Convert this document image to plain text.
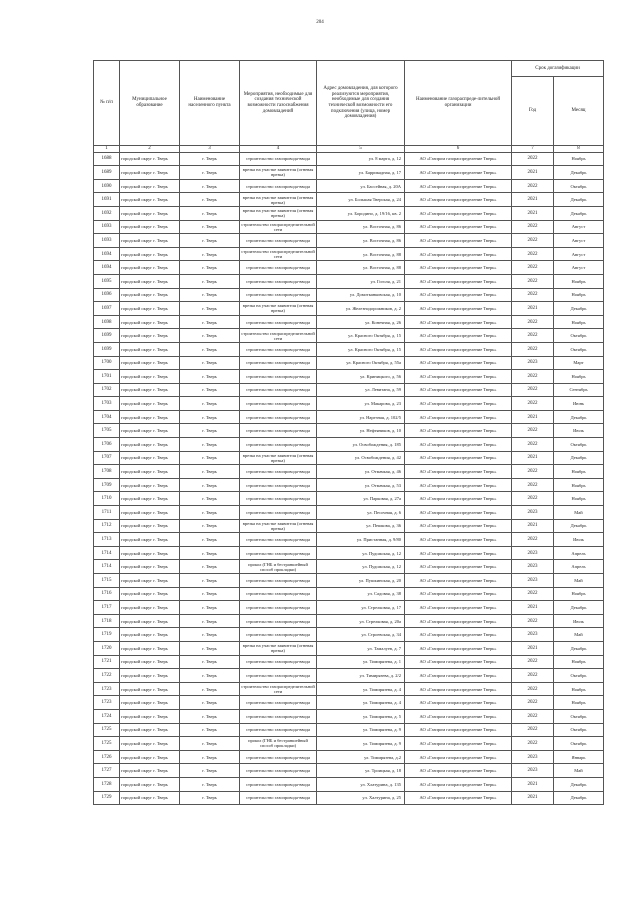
204
№ п/п	Муниципальное образование	Наименование населенного пункта	Мероприятия, необходимые для создания технической возможности газоснабжения домовладений	Адрес домовладения, для которого реализуются мероприятия, необходимые для создания технической возможности его подключения (улица, номер домовладения)	Наименование газораспреде-лительной организации	Срок догазификации	
						Год	Месяц
1	2	3	4	5	6	7	8
1688	городской округ г. Тверь	г. Тверь	строительство газопровода-ввода	ул. 8 марта, д. 12	АО «Газпром газораспределение Тверь»	2022	Ноябрь
1689	городской округ г. Тверь	г. Тверь	врезка на участке заявителя (огневая врезка)	ул. Баррикадная, д. 17	АО «Газпром газораспределение Тверь»	2021	Декабрь
1690	городской округ г. Тверь	г. Тверь	строительство газопровода-ввода	ул. Бассейная, д. 20А	АО «Газпром газораспределение Тверь»	2022	Октябрь
1691	городской округ г. Тверь	г. Тверь	врезка на участке заявителя (огневая врезка)	ул. Большая Тверская, д. 24	АО «Газпром газораспределение Тверь»	2021	Декабрь
1692	городской округ г. Тверь	г. Тверь	врезка на участке заявителя (огневая врезка)	ул. Бородино, д. 19/16, кв. 2	АО «Газпром газораспределение Тверь»	2021	Декабрь
1693	городской округ г. Тверь	г. Тверь	строительство газораспределительной сети	ул. Восточная, д. 86	АО «Газпром газораспределение Тверь»	2022	Август
1693	городской округ г. Тверь	г. Тверь	строительство газопровода-ввода	ул. Восточная, д. 86	АО «Газпром газораспределение Тверь»	2022	Август
1694	городской округ г. Тверь	г. Тверь	строительство газораспределительной сети	ул. Восточная, д. 88	АО «Газпром газораспределение Тверь»	2022	Август
1694	городской округ г. Тверь	г. Тверь	строительство газопровода-ввода	ул. Восточная, д. 88	АО «Газпром газораспределение Тверь»	2022	Август
1695	городской округ г. Тверь	г. Тверь	строительство газопровода-ввода	ул. Гоголя, д. 21	АО «Газпром газораспределение Тверь»	2022	Ноябрь
1696	городской округ г. Тверь	г. Тверь	строительство газопровода-ввода	ул. Домотканковская, д. 10	АО «Газпром газораспределение Тверь»	2022	Ноябрь
1697	городской округ г. Тверь	г. Тверь	врезка на участке заявителя (огневая врезка)	ул. Железнодорожников, д. 2	АО «Газпром газораспределение Тверь»	2021	Декабрь
1698	городской округ г. Тверь	г. Тверь	строительство газопровода-ввода	ул. Конечная, д. 26	АО «Газпром газораспределение Тверь»	2022	Ноябрь
1699	городской округ г. Тверь	г. Тверь	строительство газораспределительной сети	ул. Красного Октября, д. 15	АО «Газпром газораспределение Тверь»	2022	Октябрь
1699	городской округ г. Тверь	г. Тверь	строительство газопровода-ввода	ул. Красного Октября, д. 15	АО «Газпром газораспределение Тверь»	2022	Октябрь
1700	городской округ г. Тверь	г. Тверь	строительство газопровода-ввода	ул. Красного Октября, д. 55а	АО «Газпром газораспределение Тверь»	2023	Март
1701	городской округ г. Тверь	г. Тверь	строительство газопровода-ввода	ул. Криницкого, д. 56	АО «Газпром газораспределение Тверь»	2022	Ноябрь
1702	городской округ г. Тверь	г. Тверь	строительство газопровода-ввода	ул. Левитана, д. 59	АО «Газпром газораспределение Тверь»	2022	Сентябрь
1703	городской округ г. Тверь	г. Тверь	строительство газопровода-ввода	ул. Макарова, д. 23	АО «Газпром газораспределение Тверь»	2022	Июнь
1704	городской округ г. Тверь	г. Тверь	строительство газопровода-ввода	ул. Нарезная, д. 102/5	АО «Газпром газораспределение Тверь»	2021	Декабрь
1705	городской округ г. Тверь	г. Тверь	строительство газопровода-ввода	ул. Нефтяников, д. 10	АО «Газпром газораспределение Тверь»	2022	Июль
1706	городской округ г. Тверь	г. Тверь	строительство газопровода-ввода	ул. Освобождения, д. 185	АО «Газпром газораспределение Тверь»	2022	Октябрь
1707	городской округ г. Тверь	г. Тверь	врезка на участке заявителя (огневая врезка)	ул. Освобождения, д. 42	АО «Газпром газораспределение Тверь»	2021	Декабрь
1708	городской округ г. Тверь	г. Тверь	строительство газопровода-ввода	ул. Отмачкая, д. 46	АО «Газпром газораспределение Тверь»	2022	Ноябрь
1709	городской округ г. Тверь	г. Тверь	строительство газопровода-ввода	ул. Отмачкая, д. 53	АО «Газпром газораспределение Тверь»	2022	Ноябрь
1710	городской округ г. Тверь	г. Тверь	строительство газопровода-ввода	ул. Парковая, д. 27а	АО «Газпром газораспределение Тверь»	2022	Ноябрь
1711	городской округ г. Тверь	г. Тверь	строительство газопровода-ввода	ул. Песочная, д. 6	АО «Газпром газораспределение Тверь»	2023	Май
1712	городской округ г. Тверь	г. Тверь	врезка на участке заявителя (огневая врезка)	ул. Пешкова, д. 36	АО «Газпром газораспределение Тверь»	2021	Декабрь
1713	городской округ г. Тверь	г. Тверь	строительство газопровода-ввода	ул. Пристанная, д. 9/80	АО «Газпром газораспределение Тверь»	2022	Июль
1714	городской округ г. Тверь	г. Тверь	строительство газопровода-ввода	ул. Пудожская, д. 12	АО «Газпром газораспределение Тверь»	2023	Апрель
1714	городской округ г. Тверь	г. Тверь	прокол (ГНБ и бестраншейный способ прокладки)	ул. Пудожская, д. 12	АО «Газпром газораспределение Тверь»	2023	Апрель
1715	городской округ г. Тверь	г. Тверь	строительство газопровода-ввода	ул. Пушкинская, д. 20	АО «Газпром газораспределение Тверь»	2023	Май
1716	городской округ г. Тверь	г. Тверь	строительство газопровода-ввода	ул. Садовая, д. 38	АО «Газпром газораспределение Тверь»	2022	Ноябрь
1717	городской округ г. Тверь	г. Тверь	строительство газопровода-ввода	ул. Стрелковая, д. 17	АО «Газпром газораспределение Тверь»	2021	Декабрь
1718	городской округ г. Тверь	г. Тверь	строительство газопровода-ввода	ул. Стрелковая, д. 20а	АО «Газпром газораспределение Тверь»	2022	Июль
1719	городской округ г. Тверь	г. Тверь	строительство газопровода-ввода	ул. Строевская, д. 34	АО «Газпром газораспределение Тверь»	2023	Май
1720	городской округ г. Тверь	г. Тверь	врезка на участке заявителя (огневая врезка)	ул. Тамалуев, д. 7	АО «Газпром газораспределение Тверь»	2021	Декабрь
1721	городской округ г. Тверь	г. Тверь	строительство газопровода-ввода	ул. Тимирязева, д. 1	АО «Газпром газораспределение Тверь»	2022	Ноябрь
1722	городской округ г. Тверь	г. Тверь	строительство газопровода-ввода	ул. Тимирязева, д. 2/2	АО «Газпром газораспределение Тверь»	2022	Октябрь
1723	городской округ г. Тверь	г. Тверь	строительство газораспределительной сети	ул. Тимирязева, д. 4	АО «Газпром газораспределение Тверь»	2022	Ноябрь
1723	городской округ г. Тверь	г. Тверь	строительство газопровода-ввода	ул. Тимирязева, д. 4	АО «Газпром газораспределение Тверь»	2022	Ноябрь
1724	городской округ г. Тверь	г. Тверь	строительство газопровода-ввода	ул. Тимирязева, д. 5	АО «Газпром газораспределение Тверь»	2022	Октябрь
1725	городской округ г. Тверь	г. Тверь	строительство газопровода-ввода	ул. Тимирязева, д. 9	АО «Газпром газораспределение Тверь»	2022	Октябрь
1725	городской округ г. Тверь	г. Тверь	прокол (ГНБ и бестраншейный способ прокладки)	ул. Тимирязева, д. 9	АО «Газпром газораспределение Тверь»	2022	Октябрь
1726	городской округ г. Тверь	г. Тверь	строительство газопровода-ввода	ул. Тимирязева, д.2	АО «Газпром газораспределение Тверь»	2023	Январь
1727	городской округ г. Тверь	г. Тверь	строительство газопровода-ввода	ул. Троицкая, д. 18	АО «Газпром газораспределение Тверь»	2023	Май
1728	городской округ г. Тверь	г. Тверь	строительство газопровода-ввода	ул. Хлатурина, д. 135	АО «Газпром газораспределение Тверь»	2021	Декабрь
1729	городской округ г. Тверь	г. Тверь	строительство газопровода-ввода	ул. Халтурина, д. 25	АО «Газпром газораспределение Тверь»	2021	Декабрь
